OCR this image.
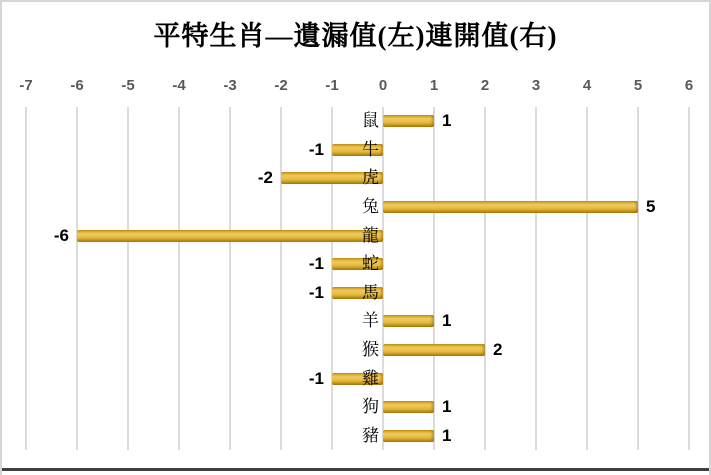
平特生肖—遺漏值(左)連開值(右)
-7	-6	-5	-4	-3	-2	-1	0	1	2	3	4	5	6
鼠	1
牛
-1
虎
-2
兔	5
龍
-6
蛇
-1
馬
-1
羊	1
猴	2
雞
-1
狗	1
豬	1
